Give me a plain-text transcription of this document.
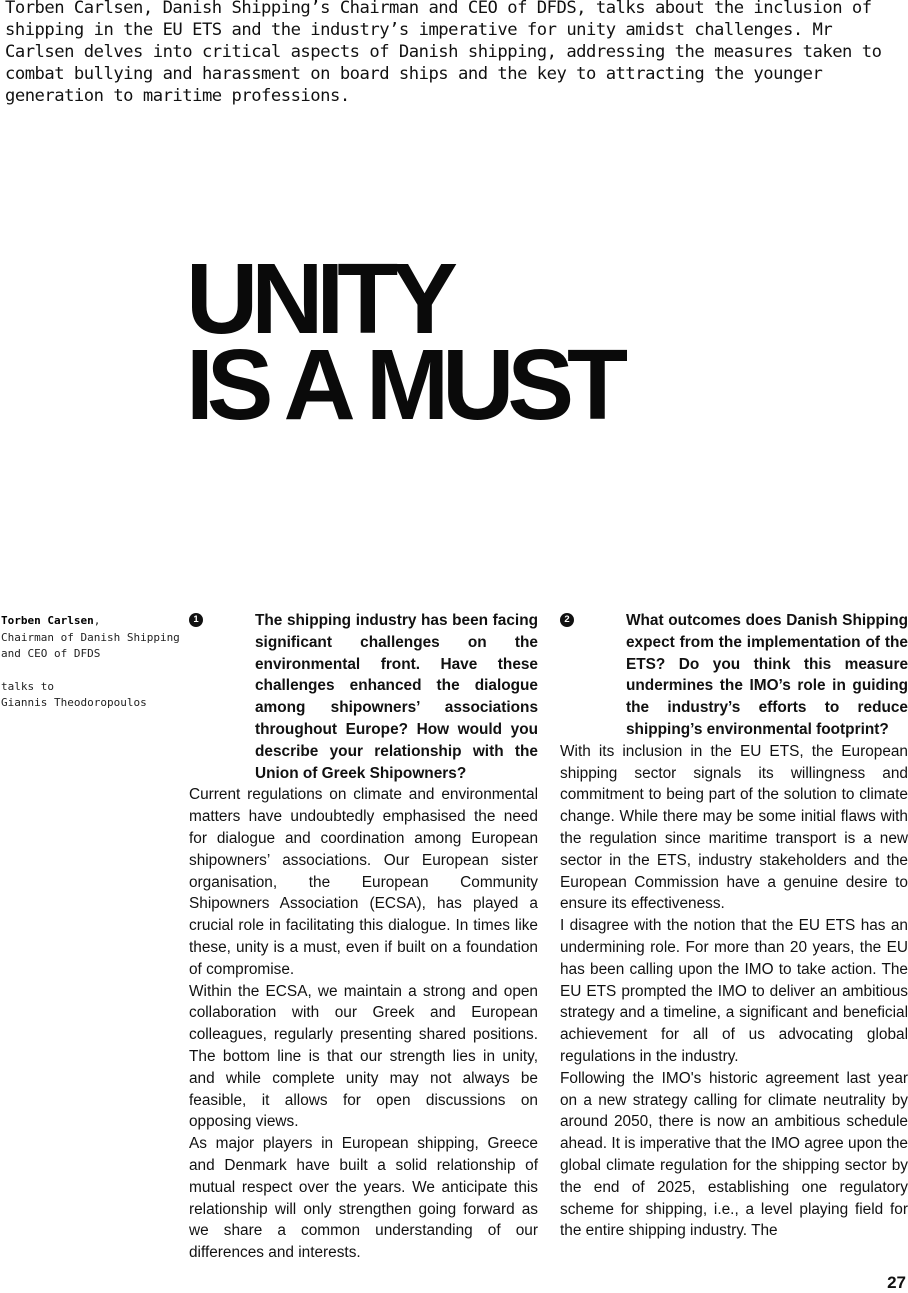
Torben Carlsen, Danish Shipping’s Chairman and CEO of DFDS, talks about the inclusion of shipping in the EU ETS and the industry’s imperative for unity amidst challenges. Mr Carlsen delves into critical aspects of Danish shipping, addressing the measures taken to combat bullying and harassment on board ships and the key to attracting the younger generation to maritime professions.

UNITY
IS A MUST
Torben Carlsen,
Chairman of Danish Shipping
and CEO of DFDS
talks to
Giannis Theodoropoulos

1	The shipping industry has been facing significant challenges on the environmental front. Have these challenges enhanced the dialogue among shipowners’ associations throughout Europe? How would you describe your relationship with the Union of Greek Shipowners?

Current regulations on climate and environmental matters have undoubtedly emphasised the need for dialogue and coordination among European shipowners’ associations. Our European sister organisation, the European Community Shipowners Association (ECSA), has played a crucial role in facilitating this dialogue. In times like these, unity is a must, even if built on a foundation of compromise.

Within the ECSA, we maintain a strong and open collaboration with our Greek and European colleagues, regularly presenting shared positions. The bottom line is that our strength lies in unity, and while complete unity may not always be feasible, it allows for open discussions on opposing views.

As major players in European shipping, Greece and Denmark have built a solid relationship of mutual respect over the years. We anticipate this relationship will only strengthen going forward as we share a common understanding of our differences and interests.

2	What outcomes does Danish Shipping expect from the implementation of the ETS? Do you think this measure undermines the IMO’s role in guiding the industry’s efforts to reduce shipping’s environmental footprint?

With its inclusion in the EU ETS, the European shipping sector signals its willingness and commitment to being part of the solution to climate change. While there may be some initial flaws with the regulation since maritime transport is a new sector in the ETS, industry stakeholders and the European Commission have a genuine desire to ensure its effectiveness.

I disagree with the notion that the EU ETS has an undermining role. For more than 20 years, the EU has been calling upon the IMO to take action. The EU ETS prompted the IMO to deliver an ambitious strategy and a timeline, a significant and beneficial achievement for all of us advocating global regulations in the industry.

Following the IMO's historic agreement last year on a new strategy calling for climate neutrality by around 2050, there is now an ambitious schedule ahead. It is imperative that the IMO agree upon the global climate regulation for the shipping sector by the end of 2025, establishing one regulatory scheme for shipping, i.e., a level playing field for the entire shipping industry. The

27
